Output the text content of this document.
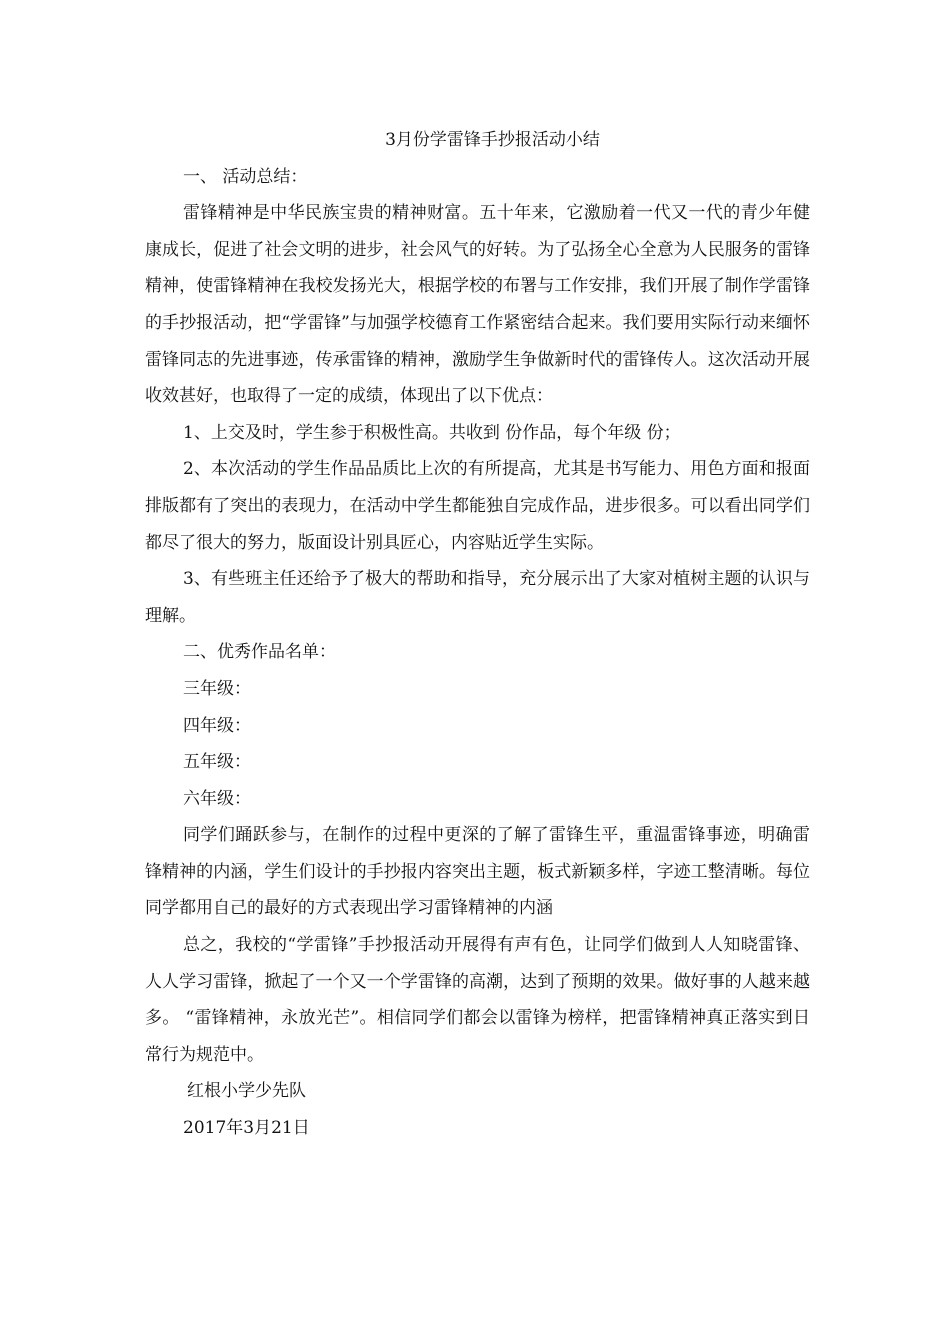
3月份学雷锋手抄报活动小结

一、 活动总结：

雷锋精神是中华民族宝贵的精神财富。五十年来，它激励着一代又一代的青少年健康成长，促进了社会文明的进步，社会风气的好转。为了弘扬全心全意为人民服务的雷锋精神，使雷锋精神在我校发扬光大，根据学校的布署与工作安排，我们开展了制作学雷锋的手抄报活动，把“学雷锋”与加强学校德育工作紧密结合起来。我们要用实际行动来缅怀雷锋同志的先进事迹，传承雷锋的精神，激励学生争做新时代的雷锋传人。这次活动开展收效甚好，也取得了一定的成绩，体现出了以下优点：

1、上交及时，学生参于积极性高。共收到 份作品，每个年级 份；

2、本次活动的学生作品品质比上次的有所提高，尤其是书写能力、用色方面和报面排版都有了突出的表现力，在活动中学生都能独自完成作品，进步很多。可以看出同学们都尽了很大的努力，版面设计别具匠心，内容贴近学生实际。

3、有些班主任还给予了极大的帮助和指导，充分展示出了大家对植树主题的认识与理解。

二、优秀作品名单：

三年级：

四年级：

五年级：

六年级：

同学们踊跃参与，在制作的过程中更深的了解了雷锋生平，重温雷锋事迹，明确雷锋精神的内涵，学生们设计的手抄报内容突出主题，板式新颖多样，字迹工整清晰。每位同学都用自己的最好的方式表现出学习雷锋精神的内涵

总之，我校的“学雷锋”手抄报活动开展得有声有色，让同学们做到人人知晓雷锋、人人学习雷锋，掀起了一个又一个学雷锋的高潮，达到了预期的效果。做好事的人越来越多。 “雷锋精神，永放光芒”。相信同学们都会以雷锋为榜样，把雷锋精神真正落实到日常行为规范中。

红根小学少先队

2017年3月21日
